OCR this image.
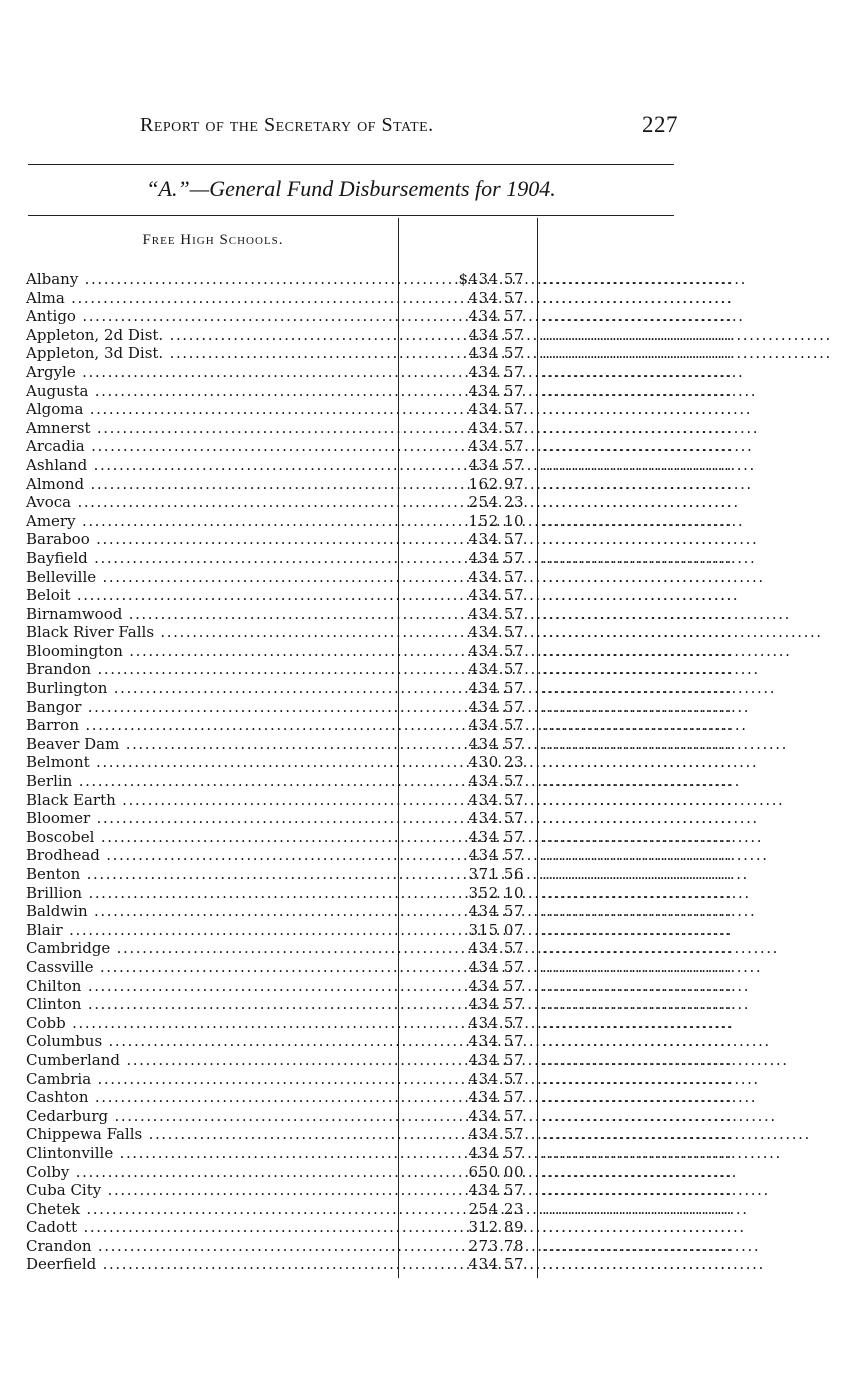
Report of the Secretary of State.	227
“A.”—General Fund Disbursements for 1904.
Free High Schools.
Albany .....	$434 57 ..............................
Alma .....	434 57 ..............................
Antigo .....	434 57 ..............................
Appleton, 2d Dist. .....	434 57 ..............................
Appleton, 3d Dist. .....	434 57 ..............................
Argyle .....	434 57 ..............................
Augusta .....	434 57 ..............................
Algoma .....	434 57 ..............................
Amnerst .....	434 57 ..............................
Arcadia .....	434 57 ..............................
Ashland .....	434 57 ..............................
Almond .....	162 97 ..............................
Avoca .....	254 23 ..............................
Amery .....	152 10 ..............................
Baraboo .....	434 57 ..............................
Bayfield .....	434 57 ..............................
Belleville .....	434 57 ..............................
Beloit .....	434 57 ..............................
Birnamwood .....	434 57 ..............................
Black River Falls .....	434 57 ..............................
Bloomington .....	434 57 ..............................
Brandon .....	434 57 ..............................
Burlington .....	434 57 ..............................
Bangor .....	434 57 ..............................
Barron .....	434 57 ..............................
Beaver Dam .....	434 57 ..............................
Belmont .....	430 23 ..............................
Berlin .....	434 57 ..............................
Black Earth .....	434 57 ..............................
Bloomer .....	434 57 ..............................
Boscobel .....	434 57 ..............................
Brodhead .....	434 57 ..............................
Benton .....	371 56 ..............................
Brillion .....	352 10 ..............................
Baldwin .....	434 57 ..............................
Blair .....	315 07 ..............................
Cambridge .....	434 57 ..............................
Cassville .....	434 57 ..............................
Chilton .....	434 57 ..............................
Clinton .....	434 57 ..............................
Cobb .....	434 57 ..............................
Columbus .....	434 57 ..............................
Cumberland .....	434 57 ..............................
Cambria .....	434 57 ..............................
Cashton .....	434 57 ..............................
Cedarburg .....	434 57 ..............................
Chippewa Falls .....	434 57 ..............................
Clintonville .....	434 57 ..............................
Colby .....	650 00 ..............................
Cuba City .....	434 57 ..............................
Chetek .....	254 23 ..............................
Cadott .....	312 89 ..............................
Crandon .....	273 78 ..............................
Deerfield .....	434 57 ..............................
